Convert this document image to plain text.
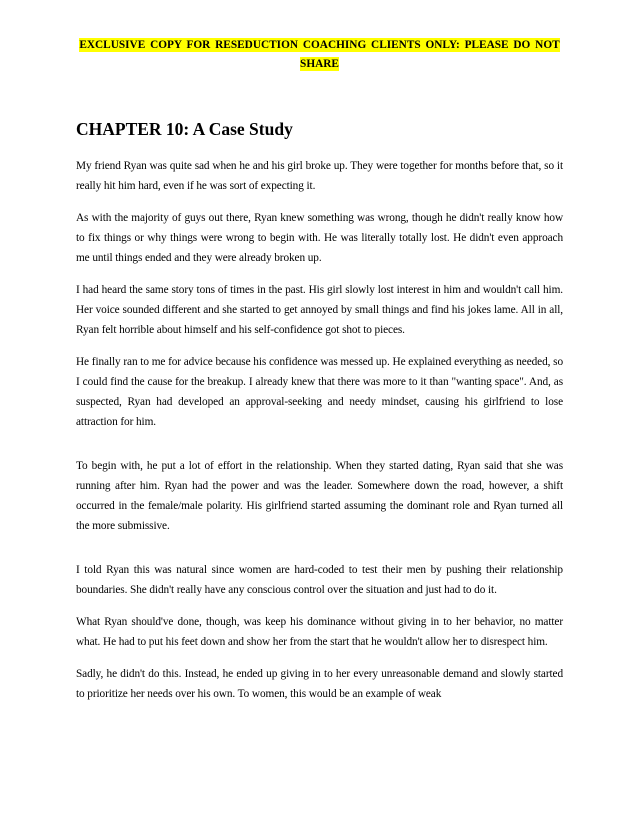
EXCLUSIVE COPY FOR RESEDUCTION COACHING CLIENTS ONLY: PLEASE DO NOT SHARE
CHAPTER 10: A Case Study

My friend Ryan was quite sad when he and his girl broke up. They were together for months before that, so it really hit him hard, even if he was sort of expecting it.

As with the majority of guys out there, Ryan knew something was wrong, though he didn't really know how to fix things or why things were wrong to begin with. He was literally totally lost. He didn't even approach me until things ended and they were already broken up.

I had heard the same story tons of times in the past. His girl slowly lost interest in him and wouldn't call him. Her voice sounded different and she started to get annoyed by small things and find his jokes lame. All in all, Ryan felt horrible about himself and his self-confidence got shot to pieces.

He finally ran to me for advice because his confidence was messed up. He explained everything as needed, so I could find the cause for the breakup. I already knew that there was more to it than "wanting space". And, as suspected, Ryan had developed an approval-seeking and needy mindset, causing his girlfriend to lose attraction for him.

To begin with, he put a lot of effort in the relationship. When they started dating, Ryan said that she was running after him. Ryan had the power and was the leader. Somewhere down the road, however, a shift occurred in the female/male polarity. His girlfriend started assuming the dominant role and Ryan turned all the more submissive.

I told Ryan this was natural since women are hard-coded to test their men by pushing their relationship boundaries. She didn't really have any conscious control over the situation and just had to do it.

What Ryan should've done, though, was keep his dominance without giving in to her behavior, no matter what. He had to put his feet down and show her from the start that he wouldn't allow her to disrespect him.

Sadly, he didn't do this. Instead, he ended up giving in to her every unreasonable demand and slowly started to prioritize her needs over his own. To women, this would be an example of weak
